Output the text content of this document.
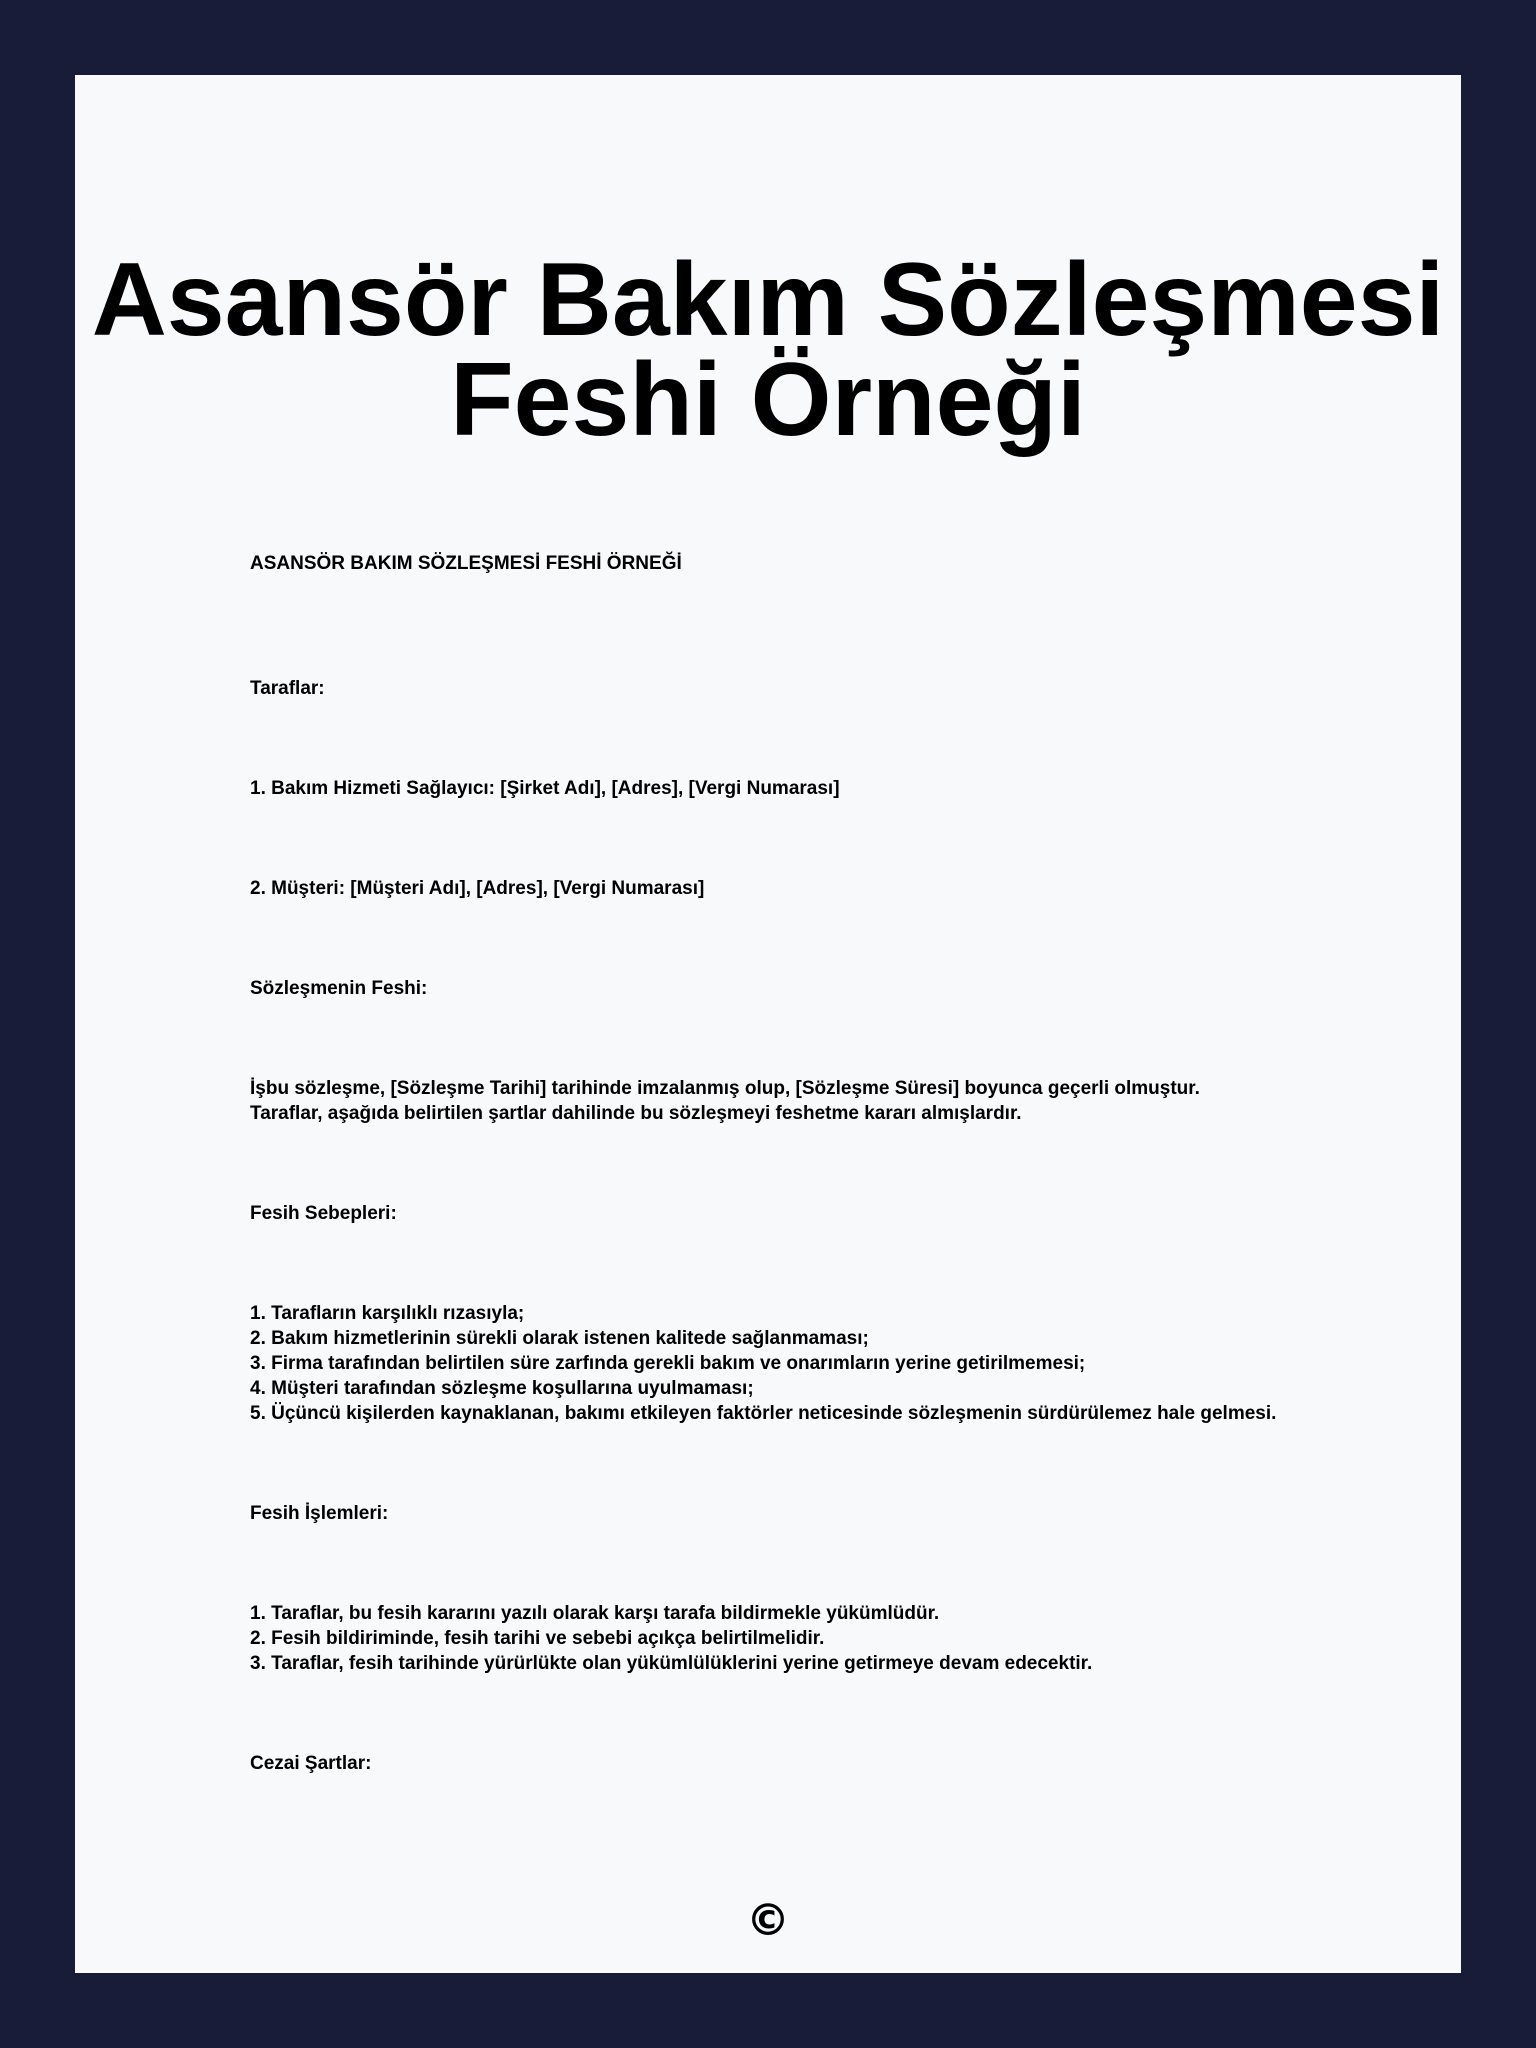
Asansör Bakım Sözleşmesi
Feshi Örneği

ASANSÖR BAKIM SÖZLEŞMESİ FESHİ ÖRNEĞİ

Taraflar:

1. Bakım Hizmeti Sağlayıcı: [Şirket Adı], [Adres], [Vergi Numarası]

2. Müşteri: [Müşteri Adı], [Adres], [Vergi Numarası]

Sözleşmenin Feshi:

İşbu sözleşme, [Sözleşme Tarihi] tarihinde imzalanmış olup, [Sözleşme Süresi] boyunca geçerli olmuştur.

Taraflar, aşağıda belirtilen şartlar dahilinde bu sözleşmeyi feshetme kararı almışlardır.

Fesih Sebepleri:

1. Tarafların karşılıklı rızasıyla;

2. Bakım hizmetlerinin sürekli olarak istenen kalitede sağlanmaması;

3. Firma tarafından belirtilen süre zarfında gerekli bakım ve onarımların yerine getirilmemesi;

4. Müşteri tarafından sözleşme koşullarına uyulmaması;

5. Üçüncü kişilerden kaynaklanan, bakımı etkileyen faktörler neticesinde sözleşmenin sürdürülemez hale gelmesi.

Fesih İşlemleri:

1. Taraflar, bu fesih kararını yazılı olarak karşı tarafa bildirmekle yükümlüdür.

2. Fesih bildiriminde, fesih tarihi ve sebebi açıkça belirtilmelidir.

3. Taraflar, fesih tarihinde yürürlükte olan yükümlülüklerini yerine getirmeye devam edecektir.

Cezai Şartlar:

©
